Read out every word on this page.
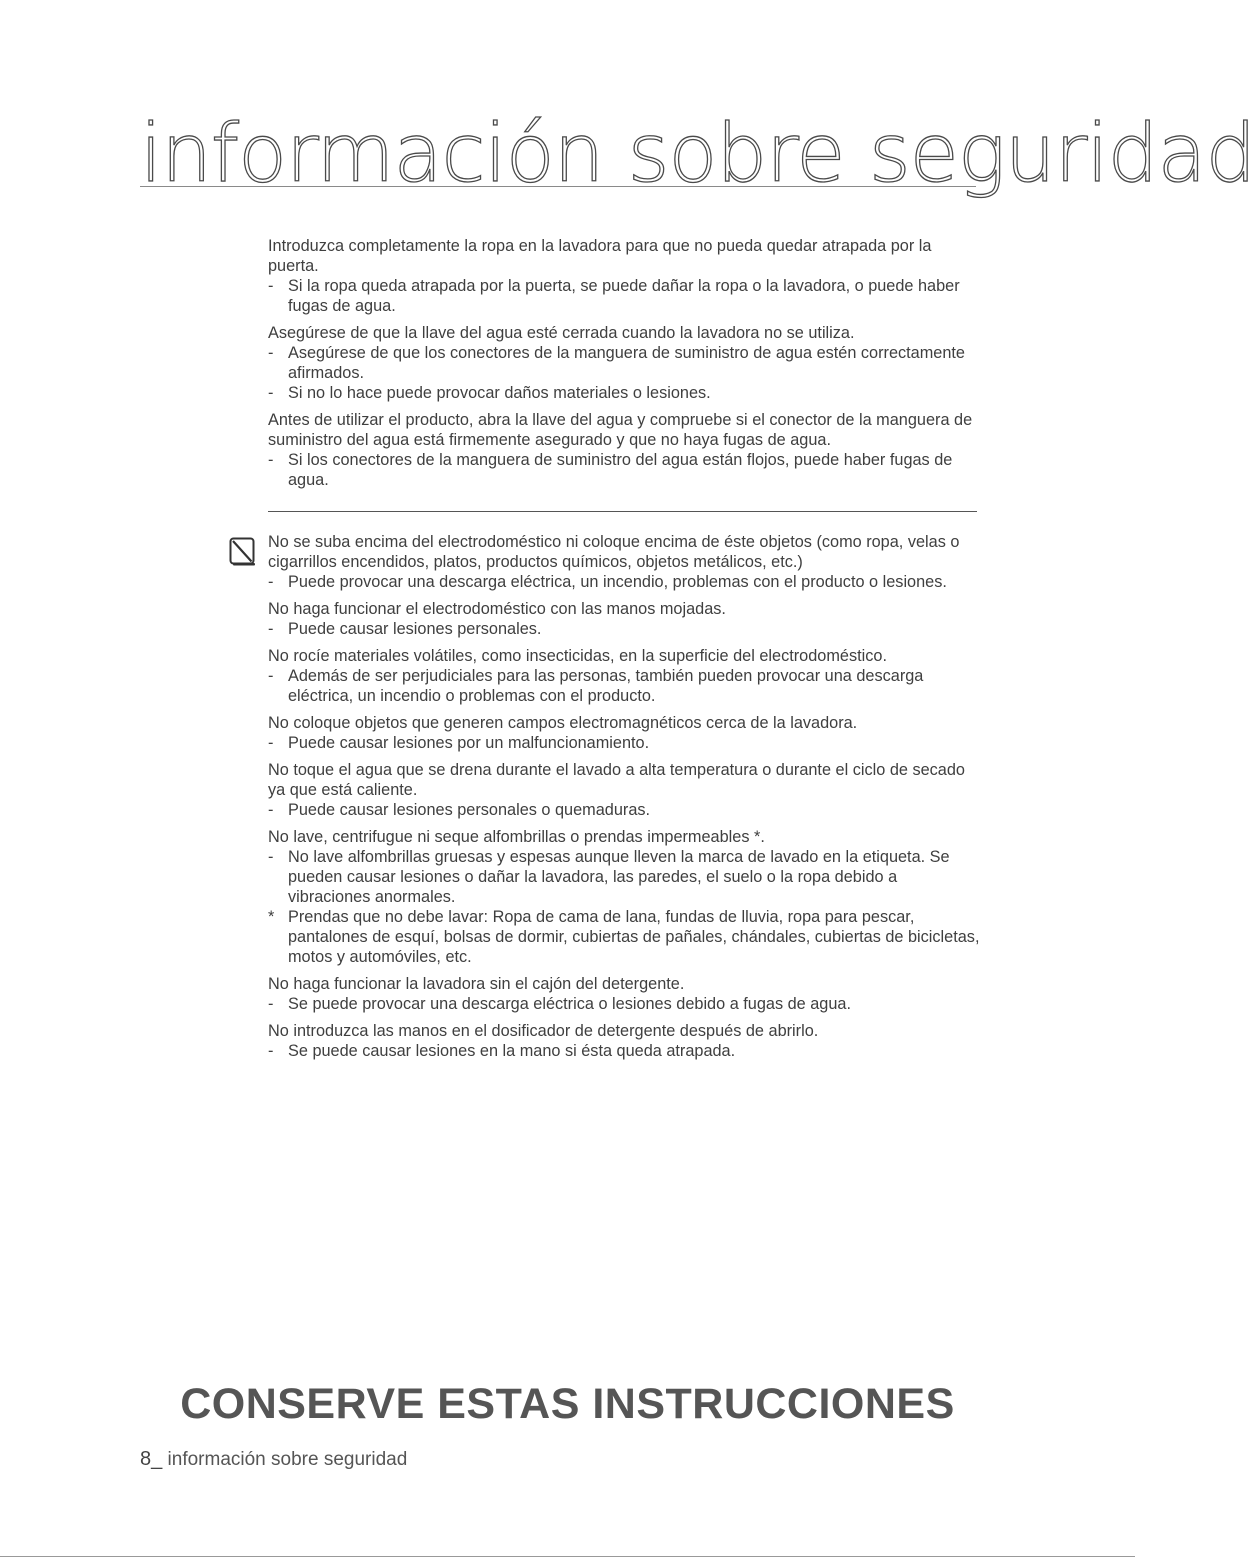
información sobre seguridad
Introduzca completamente la ropa en la lavadora para que no pueda quedar atrapada por la puerta.
- Si la ropa queda atrapada por la puerta, se puede dañar la ropa o la lavadora, o puede haber fugas de agua.
Asegúrese de que la llave del agua esté cerrada cuando la lavadora no se utiliza.
- Asegúrese de que los conectores de la manguera de suministro de agua estén correctamente afirmados.
- Si no lo hace puede provocar daños materiales o lesiones.
Antes de utilizar el producto, abra la llave del agua y compruebe si el conector de la manguera de suministro del agua está firmemente asegurado y que no haya fugas de agua.
- Si los conectores de la manguera de suministro del agua están flojos, puede haber fugas de agua.
No se suba encima del electrodoméstico ni coloque encima de éste objetos (como ropa, velas o cigarrillos encendidos, platos, productos químicos, objetos metálicos, etc.)
- Puede provocar una descarga eléctrica, un incendio, problemas con el producto o lesiones.
No haga funcionar el electrodoméstico con las manos mojadas.
- Puede causar lesiones personales.
No rocíe materiales volátiles, como insecticidas, en la superficie del electrodoméstico.
- Además de ser perjudiciales para las personas, también pueden provocar una descarga eléctrica, un incendio o problemas con el producto.
No coloque objetos que generen campos electromagnéticos cerca de la lavadora.
- Puede causar lesiones por un malfuncionamiento.
No toque el agua que se drena durante el lavado a alta temperatura o durante el ciclo de secado ya que está caliente.
- Puede causar lesiones personales o quemaduras.
No lave, centrifugue ni seque alfombrillas o prendas impermeables *.
- No lave alfombrillas gruesas y espesas aunque lleven la marca de lavado en la etiqueta. Se pueden causar lesiones o dañar la lavadora, las paredes, el suelo o la ropa debido a vibraciones anormales.
* Prendas que no debe lavar: Ropa de cama de lana, fundas de lluvia, ropa para pescar, pantalones de esquí, bolsas de dormir, cubiertas de pañales, chándales, cubiertas de bicicletas, motos y automóviles, etc.
No haga funcionar la lavadora sin el cajón del detergente.
- Se puede provocar una descarga eléctrica o lesiones debido a fugas de agua.
No introduzca las manos en el dosificador de detergente después de abrirlo.
- Se puede causar lesiones en la mano si ésta queda atrapada.
CONSERVE ESTAS INSTRUCCIONES
8_ información sobre seguridad
